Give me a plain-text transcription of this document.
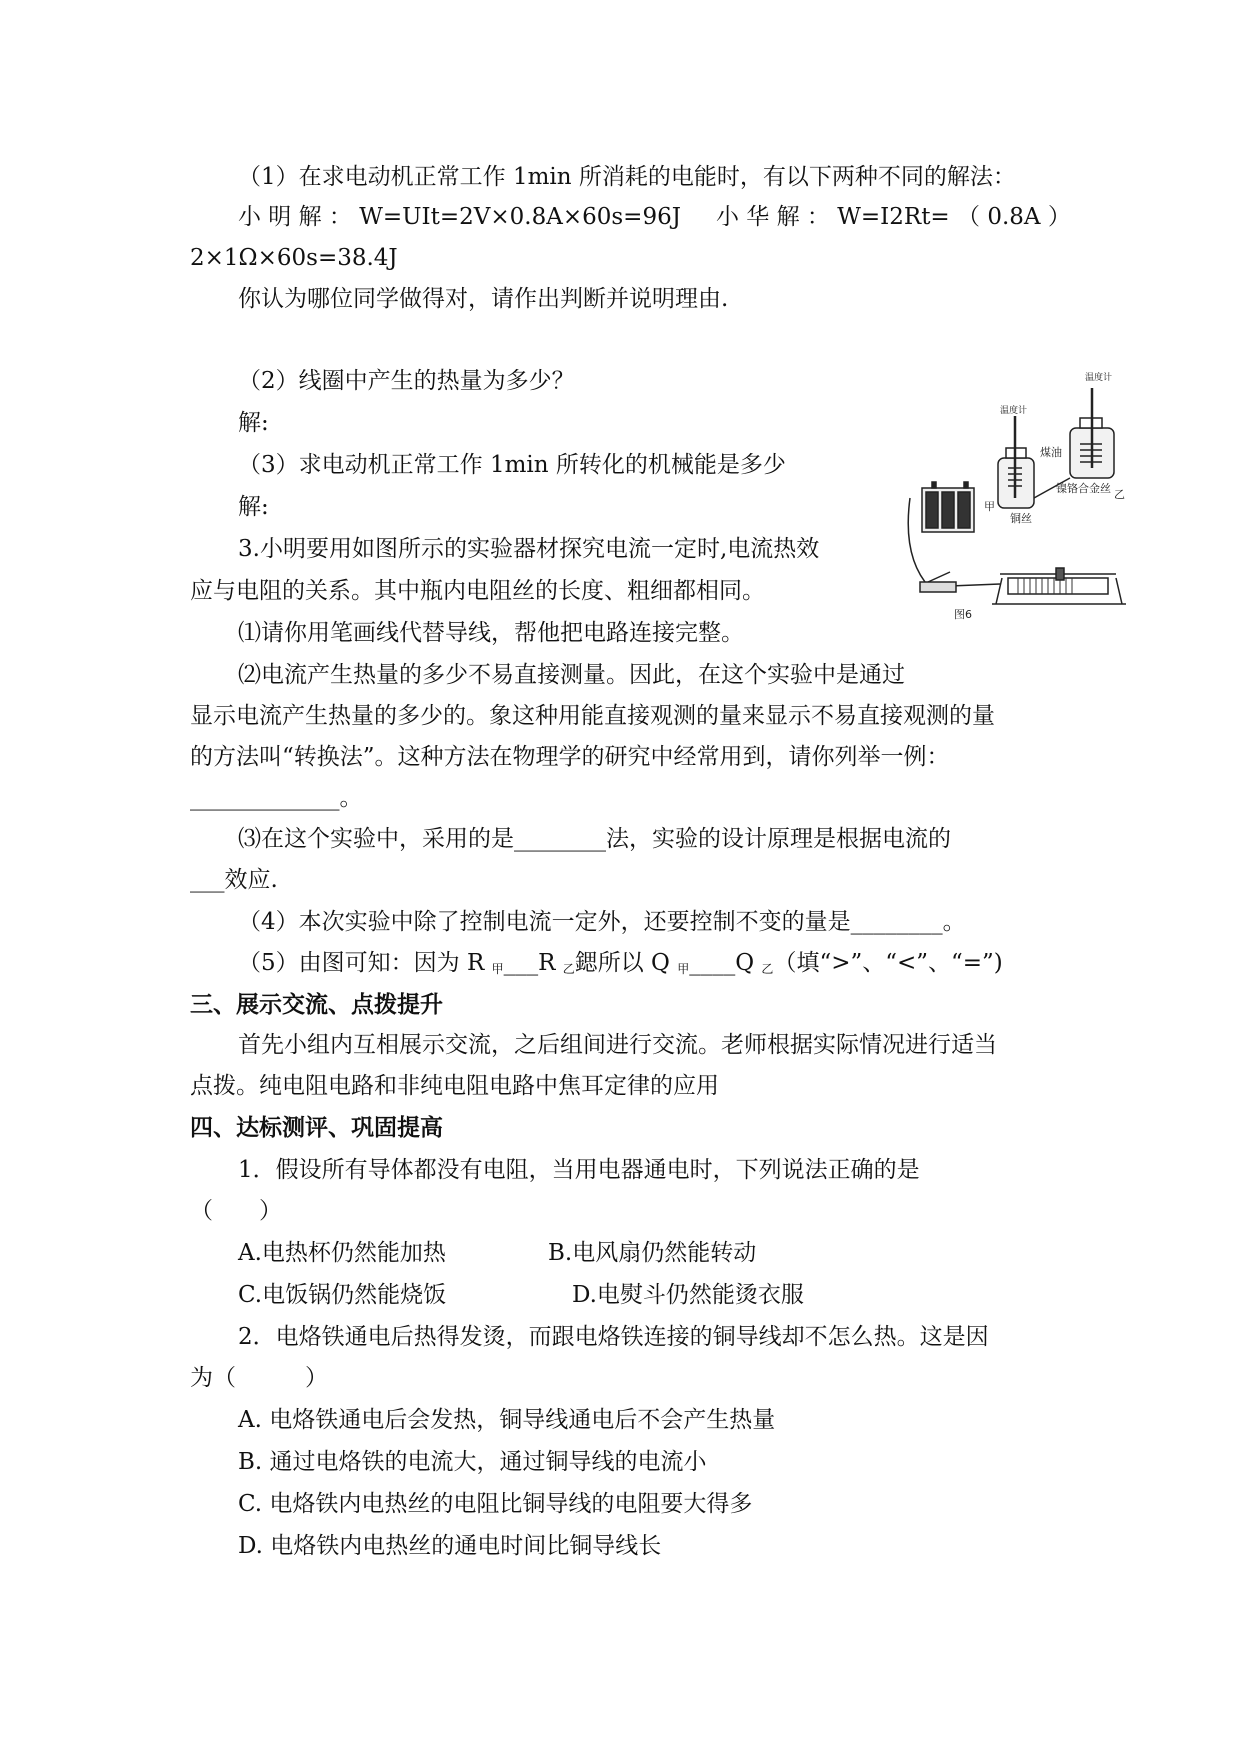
（1）在求电动机正常工作 1min 所消耗的电能时，有以下两种不同的解法：
小 明 解 ： W=UIt=2V×0.8A×60s=96J 小 华 解 ： W=I2Rt= （ 0.8A ）
2×1Ω×60s=38.4J
你认为哪位同学做得对，请作出判断并说明理由.
（2）线圈中产生的热量为多少？
解:
（3）求电动机正常工作 1min 所转化的机械能是多少
解:
3.小明要用如图所示的实验器材探究电流一定时,电流热效
应与电阻的关系。其中瓶内电阻丝的长度、粗细都相同。
⑴请你用笔画线代替导线，帮他把电路连接完整。
⑵电流产生热量的多少不易直接测量。因此，在这个实验中是通过
显示电流产生热量的多少的。象这种用能直接观测的量来显示不易直接观测的量
的方法叫“转换法”。这种方法在物理学的研究中经常用到，请你列举一例：
_____________。
⑶在这个实验中，采用的是________法，实验的设计原理是根据电流的
___效应.
（4）本次实验中除了控制电流一定外，还要控制不变的量是________。
（5）由图可知：因为 R $_甲$___R $_乙$鍶所以 Q $_甲$____Q $_乙$（填“>”、“<”、“=”)
三、展示交流、点拨提升
首先小组内互相展示交流，之后组间进行交流。老师根据实际情况进行适当
点拨。纯电阻电路和非纯电阻电路中焦耳定律的应用
四、达标测评、巩固提高
1．假设所有导体都没有电阻，当用电器通电时，下列说法正确的是
（　　）
A.电热杯仍然能加热	B.电风扇仍然能转动
C.电饭锅仍然能烧饭	D.电熨斗仍然能烫衣服
2．电烙铁通电后热得发烫，而跟电烙铁连接的铜导线却不怎么热。这是因
为（　　　）
A. 电烙铁通电后会发热，铜导线通电后不会产生热量
B. 通过电烙铁的电流大，通过铜导线的电流小
C. 电烙铁内电热丝的电阻比铜导线的电阻要大得多
D. 电烙铁内电热丝的通电时间比铜导线长
温度计
温度计
煤油
镍铬合金丝
铜丝
甲
乙
图6
